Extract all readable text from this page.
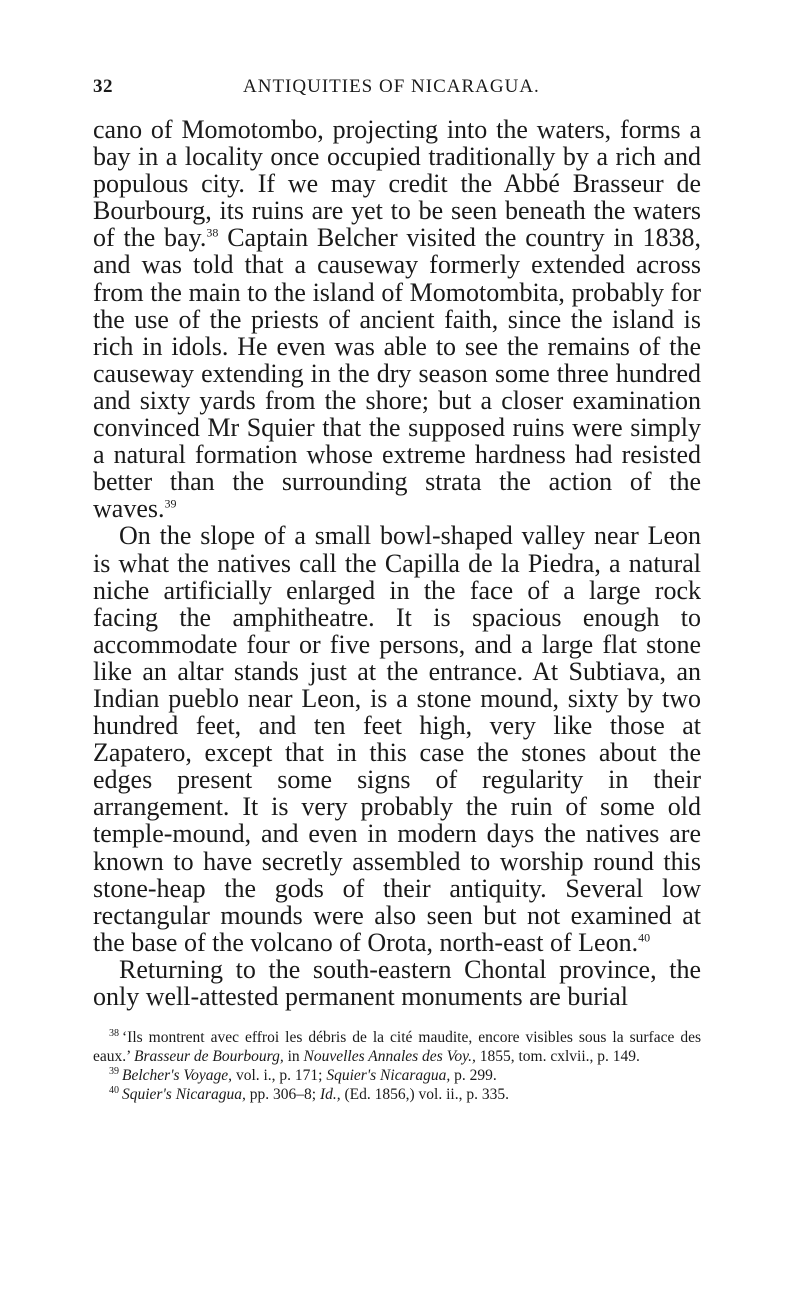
32	ANTIQUITIES OF NICARAGUA.

cano of Momotombo, projecting into the waters, forms a bay in a locality once occupied traditionally by a rich and populous city. If we may credit the Abbé Brasseur de Bourbourg, its ruins are yet to be seen beneath the waters of the bay.$^{38}$ Captain Belcher visited the country in 1838, and was told that a causeway formerly extended across from the main to the island of Momotombita, probably for the use of the priests of ancient faith, since the island is rich in idols. He even was able to see the remains of the causeway extending in the dry season some three hundred and sixty yards from the shore; but a closer examination convinced Mr Squier that the supposed ruins were simply a natural formation whose extreme hardness had resisted better than the surrounding strata the action of the waves.$^{39}$

On the slope of a small bowl-shaped valley near Leon is what the natives call the Capilla de la Piedra, a natural niche artificially enlarged in the face of a large rock facing the amphitheatre. It is spacious enough to accommodate four or five persons, and a large flat stone like an altar stands just at the entrance. At Subtiava, an Indian pueblo near Leon, is a stone mound, sixty by two hundred feet, and ten feet high, very like those at Zapatero, except that in this case the stones about the edges present some signs of regularity in their arrangement. It is very probably the ruin of some old temple-mound, and even in modern days the natives are known to have secretly assembled to worship round this stone-heap the gods of their antiquity. Several low rectangular mounds were also seen but not examined at the base of the volcano of Orota, north-east of Leon.$^{40}$

Returning to the south-eastern Chontal province, the only well-attested permanent monuments are burial

$^{38}$ ‘Ils montrent avec effroi les débris de la cité maudite, encore visibles sous la surface des eaux.’ Brasseur de Bourbourg, in Nouvelles Annales des Voy., 1855, tom. cxlvii., p. 149.

$^{39}$ Belcher's Voyage, vol. i., p. 171; Squier's Nicaragua, p. 299.

$^{40}$ Squier's Nicaragua, pp. 306–8; Id., (Ed. 1856,) vol. ii., p. 335.
